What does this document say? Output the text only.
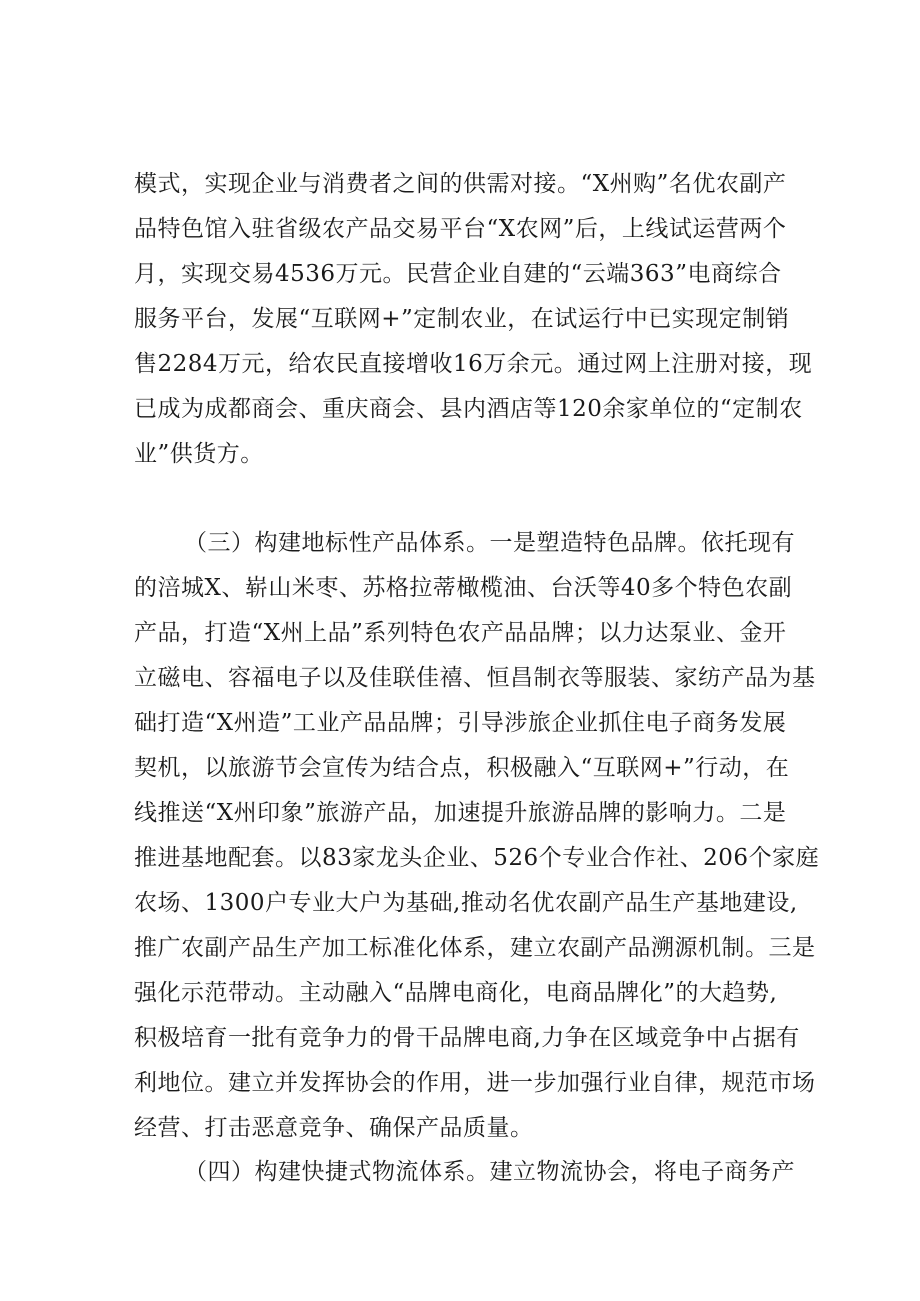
模式，实现企业与消费者之间的供需对接。“X州购”名优农副产
品特色馆入驻省级农产品交易平台“X农网”后，上线试运营两个
月，实现交易4536万元。民营企业自建的“云端363”电商综合
服务平台，发展“互联网+”定制农业，在试运行中已实现定制销
售2284万元，给农民直接增收16万余元。通过网上注册对接，现
已成为成都商会、重庆商会、县内酒店等120余家单位的“定制农
业”供货方。
（三）构建地标性产品体系。一是塑造特色品牌。依托现有
的涪城X、崭山米枣、苏格拉蒂橄榄油、台沃等40多个特色农副
产品，打造“X州上品”系列特色农产品品牌；以力达泵业、金开
立磁电、容福电子以及佳联佳禧、恒昌制衣等服装、家纺产品为基
础打造“X州造”工业产品品牌；引导涉旅企业抓住电子商务发展
契机，以旅游节会宣传为结合点，积极融入“互联网+”行动，在
线推送“X州印象”旅游产品，加速提升旅游品牌的影响力。二是
推进基地配套。以83家龙头企业、526个专业合作社、206个家庭
农场、1300户专业大户为基础,推动名优农副产品生产基地建设,
推广农副产品生产加工标准化体系，建立农副产品溯源机制。三是
强化示范带动。主动融入“品牌电商化，电商品牌化”的大趋势,
积极培育一批有竞争力的骨干品牌电商,力争在区域竞争中占据有
利地位。建立并发挥协会的作用，进一步加强行业自律，规范市场
经营、打击恶意竞争、确保产品质量。
（四）构建快捷式物流体系。建立物流协会，将电子商务产
